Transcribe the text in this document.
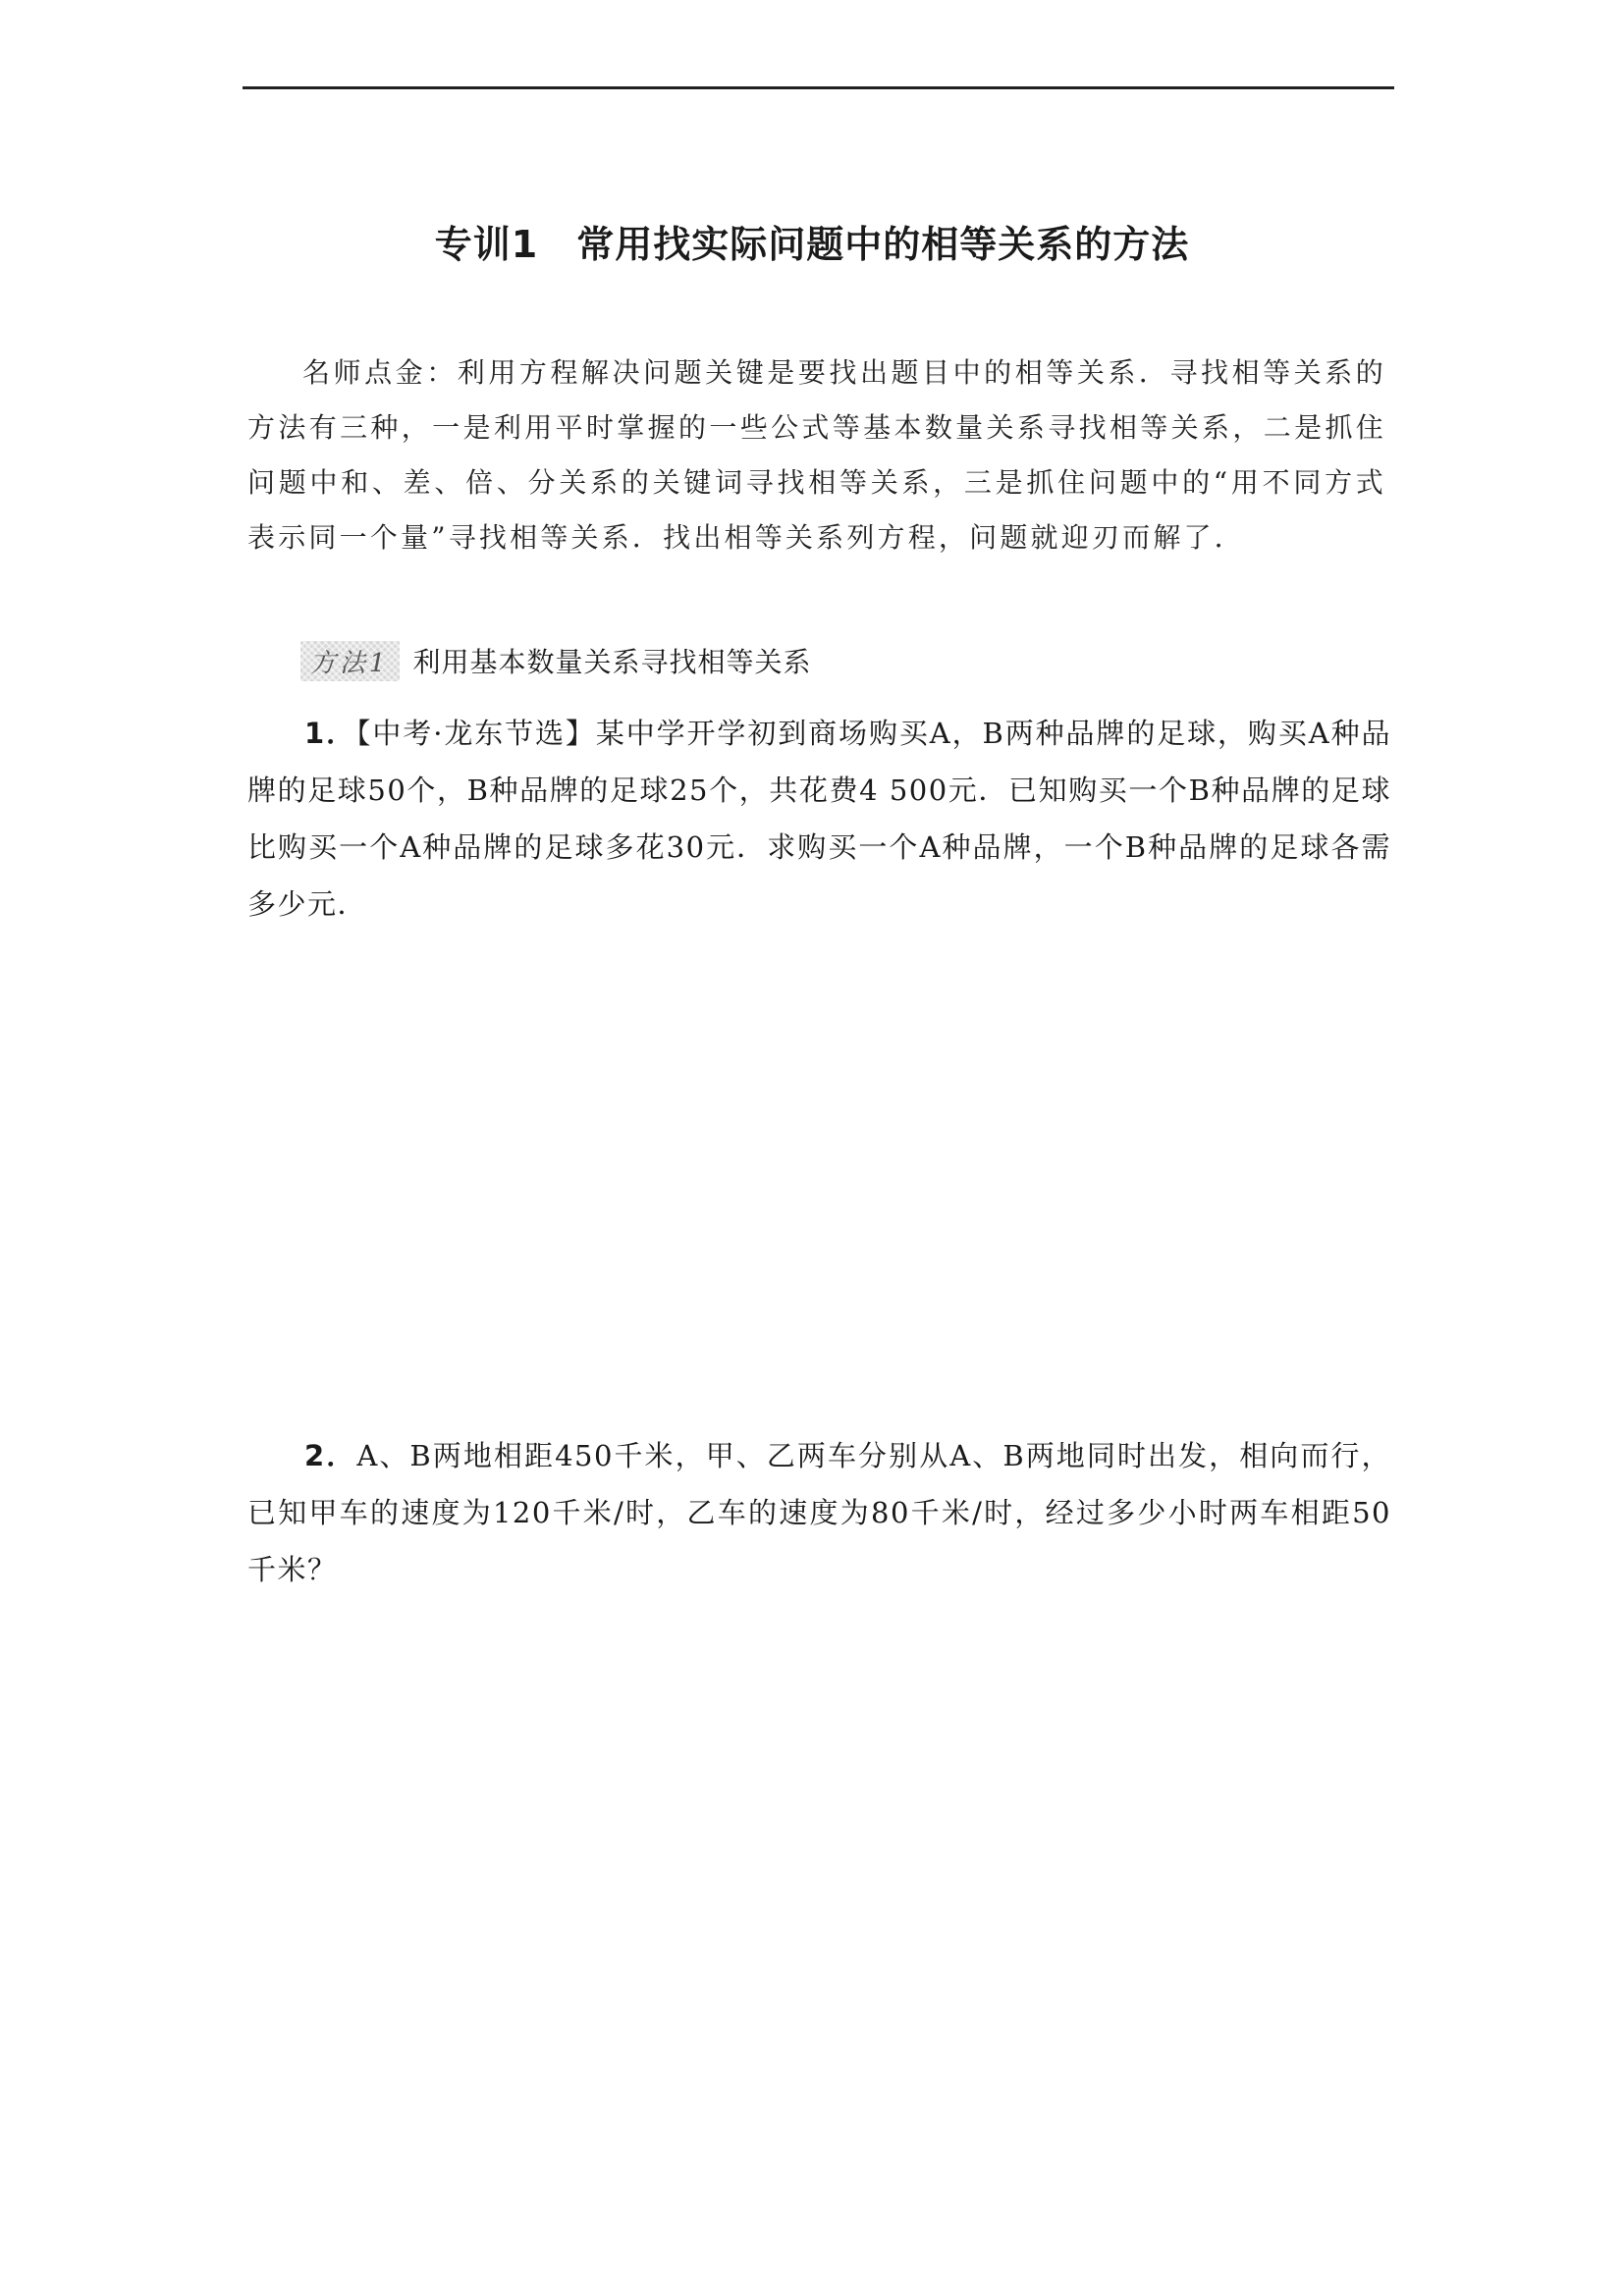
专训1　常用找实际问题中的相等关系的方法
名师点金：利用方程解决问题关键是要找出题目中的相等关系．寻找相等关系的方法有三种，一是利用平时掌握的一些公式等基本数量关系寻找相等关系，二是抓住问题中和、差、倍、分关系的关键词寻找相等关系，三是抓住问题中的“用不同方式表示同一个量”寻找相等关系．找出相等关系列方程，问题就迎刃而解了．
方法1 利用基本数量关系寻找相等关系
1．【中考·龙东节选】某中学开学初到商场购买A，B两种品牌的足球，购买A种品牌的足球50个，B种品牌的足球25个，共花费4 500元．已知购买一个B种品牌的足球比购买一个A种品牌的足球多花30元．求购买一个A种品牌，一个B种品牌的足球各需多少元．
2．A、B两地相距450千米，甲、乙两车分别从A、B两地同时出发，相向而行，已知甲车的速度为120千米/时，乙车的速度为80千米/时，经过多少小时两车相距50千米？
